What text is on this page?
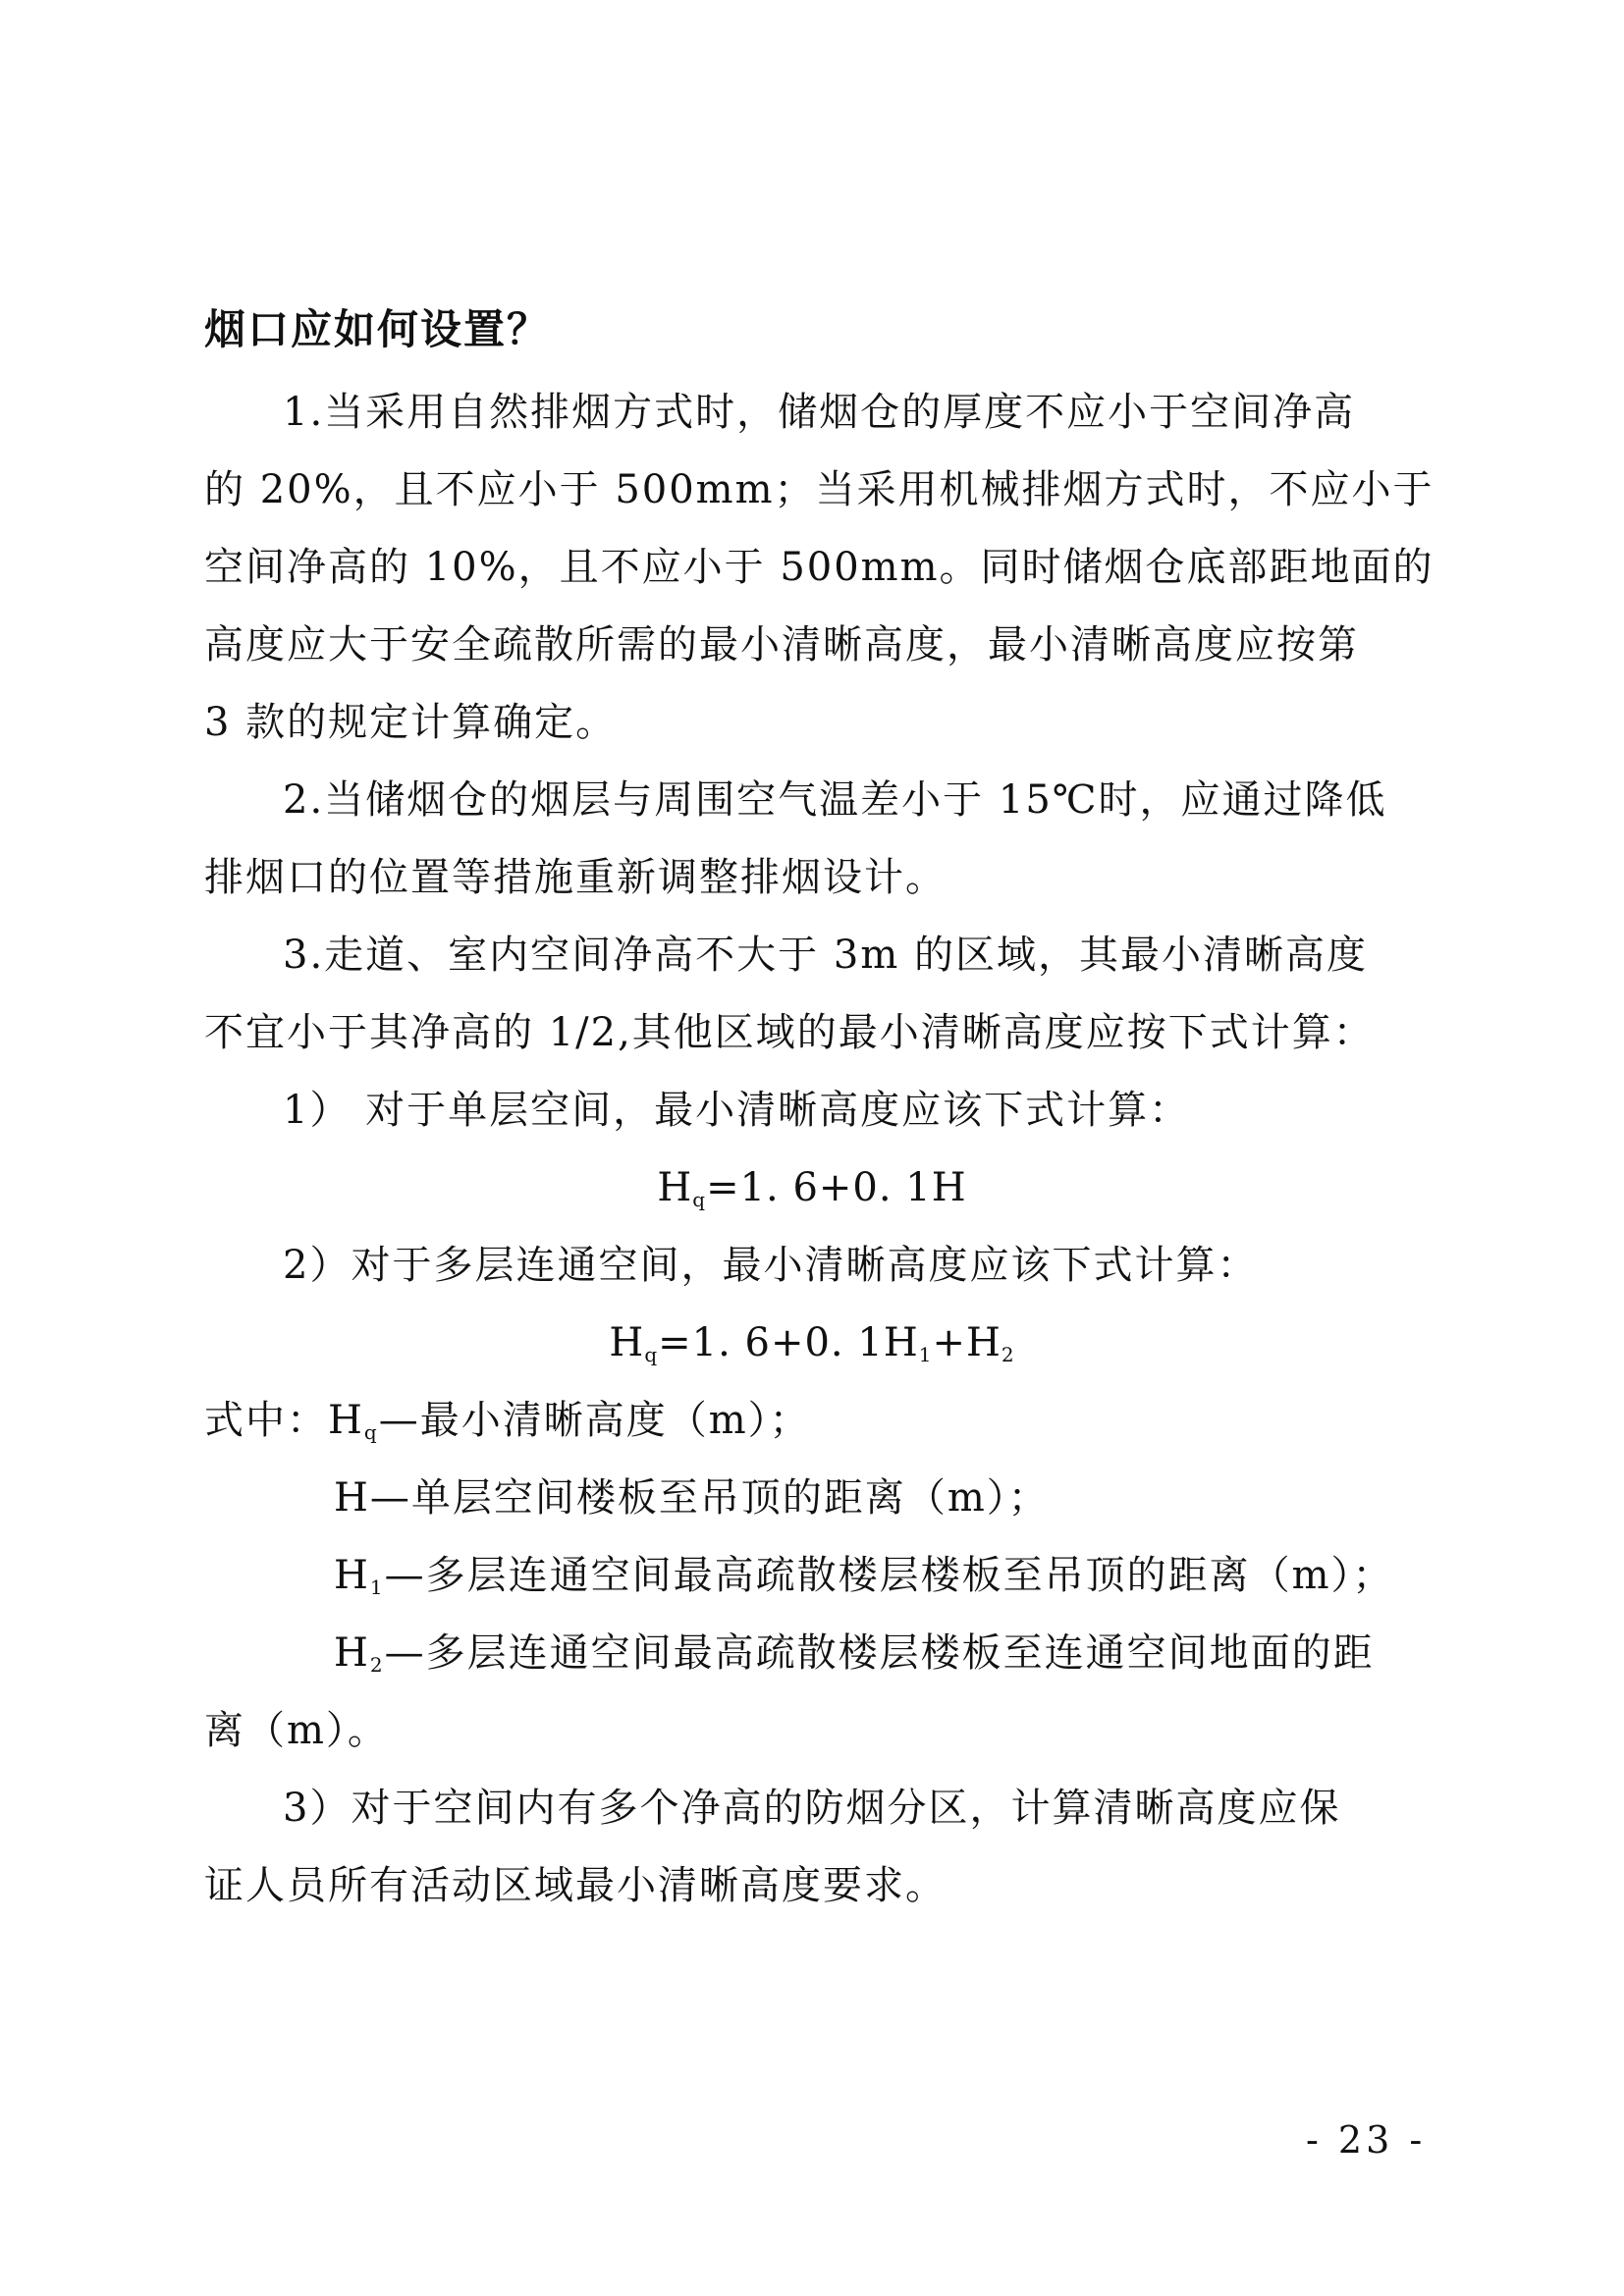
烟口应如何设置？
1.当采用自然排烟方式时，储烟仓的厚度不应小于空间净高
的 20%，且不应小于 500mm；当采用机械排烟方式时，不应小于
空间净高的 10%，且不应小于 500mm。同时储烟仓底部距地面的
高度应大于安全疏散所需的最小清晰高度，最小清晰高度应按第
3 款的规定计算确定。
2.当储烟仓的烟层与周围空气温差小于 15℃时，应通过降低
排烟口的位置等措施重新调整排烟设计。
3.走道、室内空间净高不大于 3m 的区域，其最小清晰高度
不宜小于其净高的 1/2,其他区域的最小清晰高度应按下式计算：
1） 对于单层空间，最小清晰高度应该下式计算：
$H_q=1$. 6+0. 1H
2）对于多层连通空间，最小清晰高度应该下式计算：
$H_q=1$. 6+0. $1H_1+H_2$
式中：$H_q—$最小清晰高度（m）；
H—单层空间楼板至吊顶的距离（m）；
$H_1—$多层连通空间最高疏散楼层楼板至吊顶的距离（m）；
$H_2—$多层连通空间最高疏散楼层楼板至连通空间地面的距
离（m）。
3）对于空间内有多个净高的防烟分区，计算清晰高度应保
证人员所有活动区域最小清晰高度要求。
- 23 -
